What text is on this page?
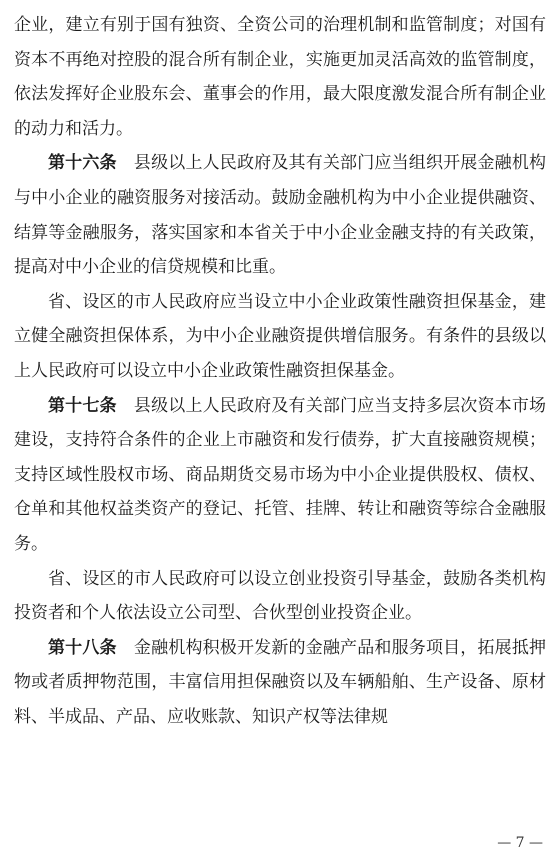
企业，建立有别于国有独资、全资公司的治理机制和监管制度；对国有资本不再绝对控股的混合所有制企业，实施更加灵活高效的监管制度，依法发挥好企业股东会、董事会的作用，最大限度激发混合所有制企业的动力和活力。

第十六条　 县级以上人民政府及其有关部门应当组织开展金融机构与中小企业的融资服务对接活动。鼓励金融机构为中小企业提供融资、结算等金融服务，落实国家和本省关于中小企业金融支持的有关政策，提高对中小企业的信贷规模和比重。

省、设区的市人民政府应当设立中小企业政策性融资担保基金，建立健全融资担保体系，为中小企业融资提供增信服务。有条件的县级以上人民政府可以设立中小企业政策性融资担保基金。

第十七条　 县级以上人民政府及有关部门应当支持多层次资本市场建设，支持符合条件的企业上市融资和发行债券，扩大直接融资规模；支持区域性股权市场、商品期货交易市场为中小企业提供股权、债权、仓单和其他权益类资产的登记、托管、挂牌、转让和融资等综合金融服务。

省、设区的市人民政府可以设立创业投资引导基金，鼓励各类机构投资者和个人依法设立公司型、合伙型创业投资企业。

第十八条　 金融机构积极开发新的金融产品和服务项目，拓展抵押物或者质押物范围，丰富信用担保融资以及车辆船舶、生产设备、原材料、半成品、产品、应收账款、知识产权等法律规

— 7 —
